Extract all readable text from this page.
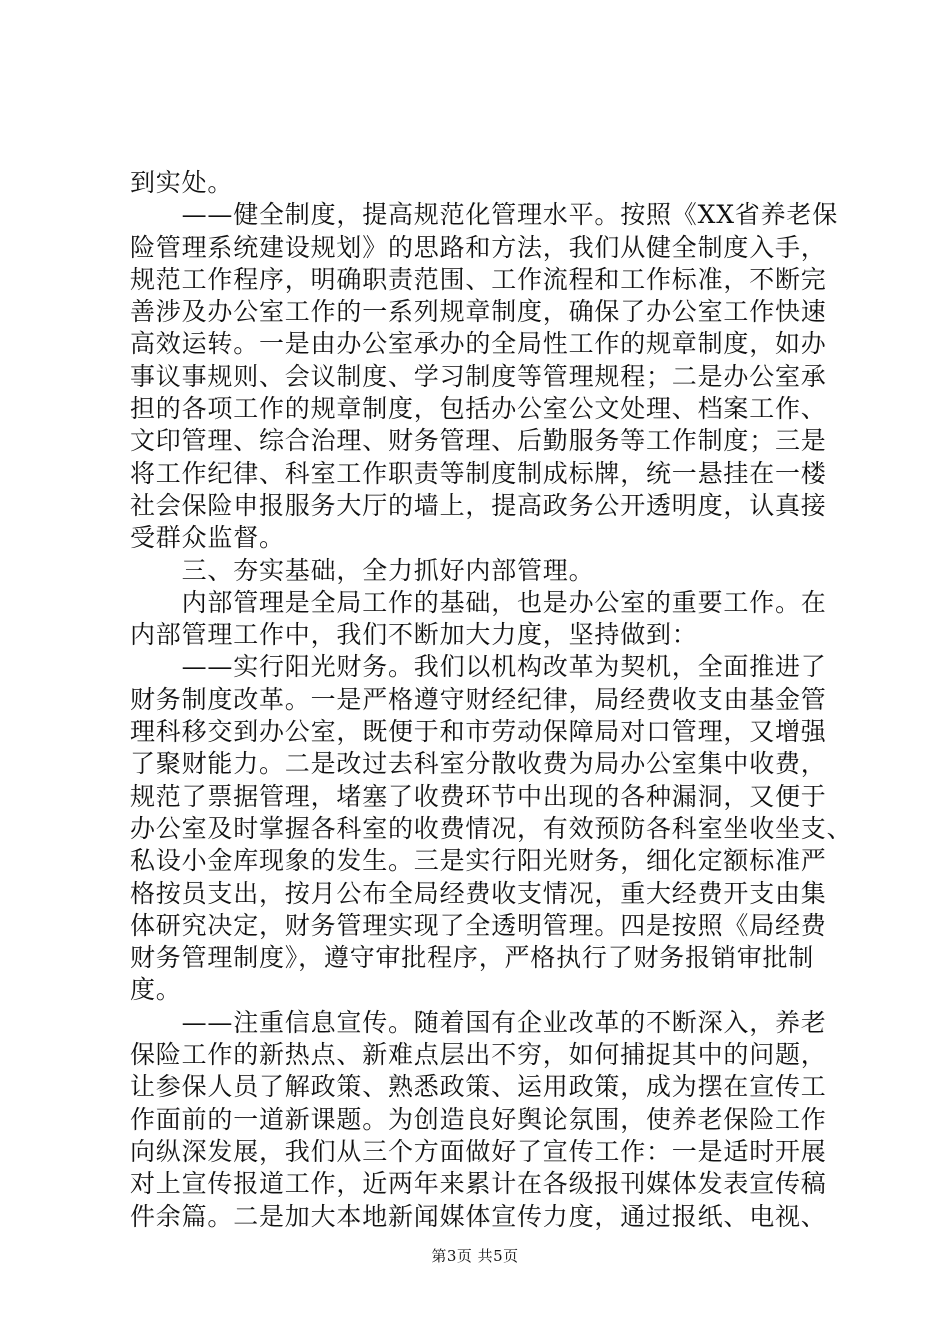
到实处。
　　——健全制度，提高规范化管理水平。按照《XX省养老保
险管理系统建设规划》的思路和方法，我们从健全制度入手，
规范工作程序，明确职责范围、工作流程和工作标准，不断完
善涉及办公室工作的一系列规章制度，确保了办公室工作快速
高效运转。一是由办公室承办的全局性工作的规章制度，如办
事议事规则、会议制度、学习制度等管理规程；二是办公室承
担的各项工作的规章制度，包括办公室公文处理、档案工作、
文印管理、综合治理、财务管理、后勤服务等工作制度；三是
将工作纪律、科室工作职责等制度制成标牌，统一悬挂在一楼
社会保险申报服务大厅的墙上，提高政务公开透明度，认真接
受群众监督。
　　三、夯实基础，全力抓好内部管理。
　　内部管理是全局工作的基础，也是办公室的重要工作。在
内部管理工作中，我们不断加大力度，坚持做到：
　　——实行阳光财务。我们以机构改革为契机，全面推进了
财务制度改革。一是严格遵守财经纪律，局经费收支由基金管
理科移交到办公室，既便于和市劳动保障局对口管理，又增强
了聚财能力。二是改过去科室分散收费为局办公室集中收费，
规范了票据管理，堵塞了收费环节中出现的各种漏洞，又便于
办公室及时掌握各科室的收费情况，有效预防各科室坐收坐支、
私设小金库现象的发生。三是实行阳光财务，细化定额标准严
格按员支出，按月公布全局经费收支情况，重大经费开支由集
体研究决定，财务管理实现了全透明管理。四是按照《局经费
财务管理制度》，遵守审批程序，严格执行了财务报销审批制
度。
　　——注重信息宣传。随着国有企业改革的不断深入，养老
保险工作的新热点、新难点层出不穷，如何捕捉其中的问题，
让参保人员了解政策、熟悉政策、运用政策，成为摆在宣传工
作面前的一道新课题。为创造良好舆论氛围，使养老保险工作
向纵深发展，我们从三个方面做好了宣传工作：一是适时开展
对上宣传报道工作，近两年来累计在各级报刊媒体发表宣传稿
件余篇。二是加大本地新闻媒体宣传力度，通过报纸、电视、
第3页 共5页
